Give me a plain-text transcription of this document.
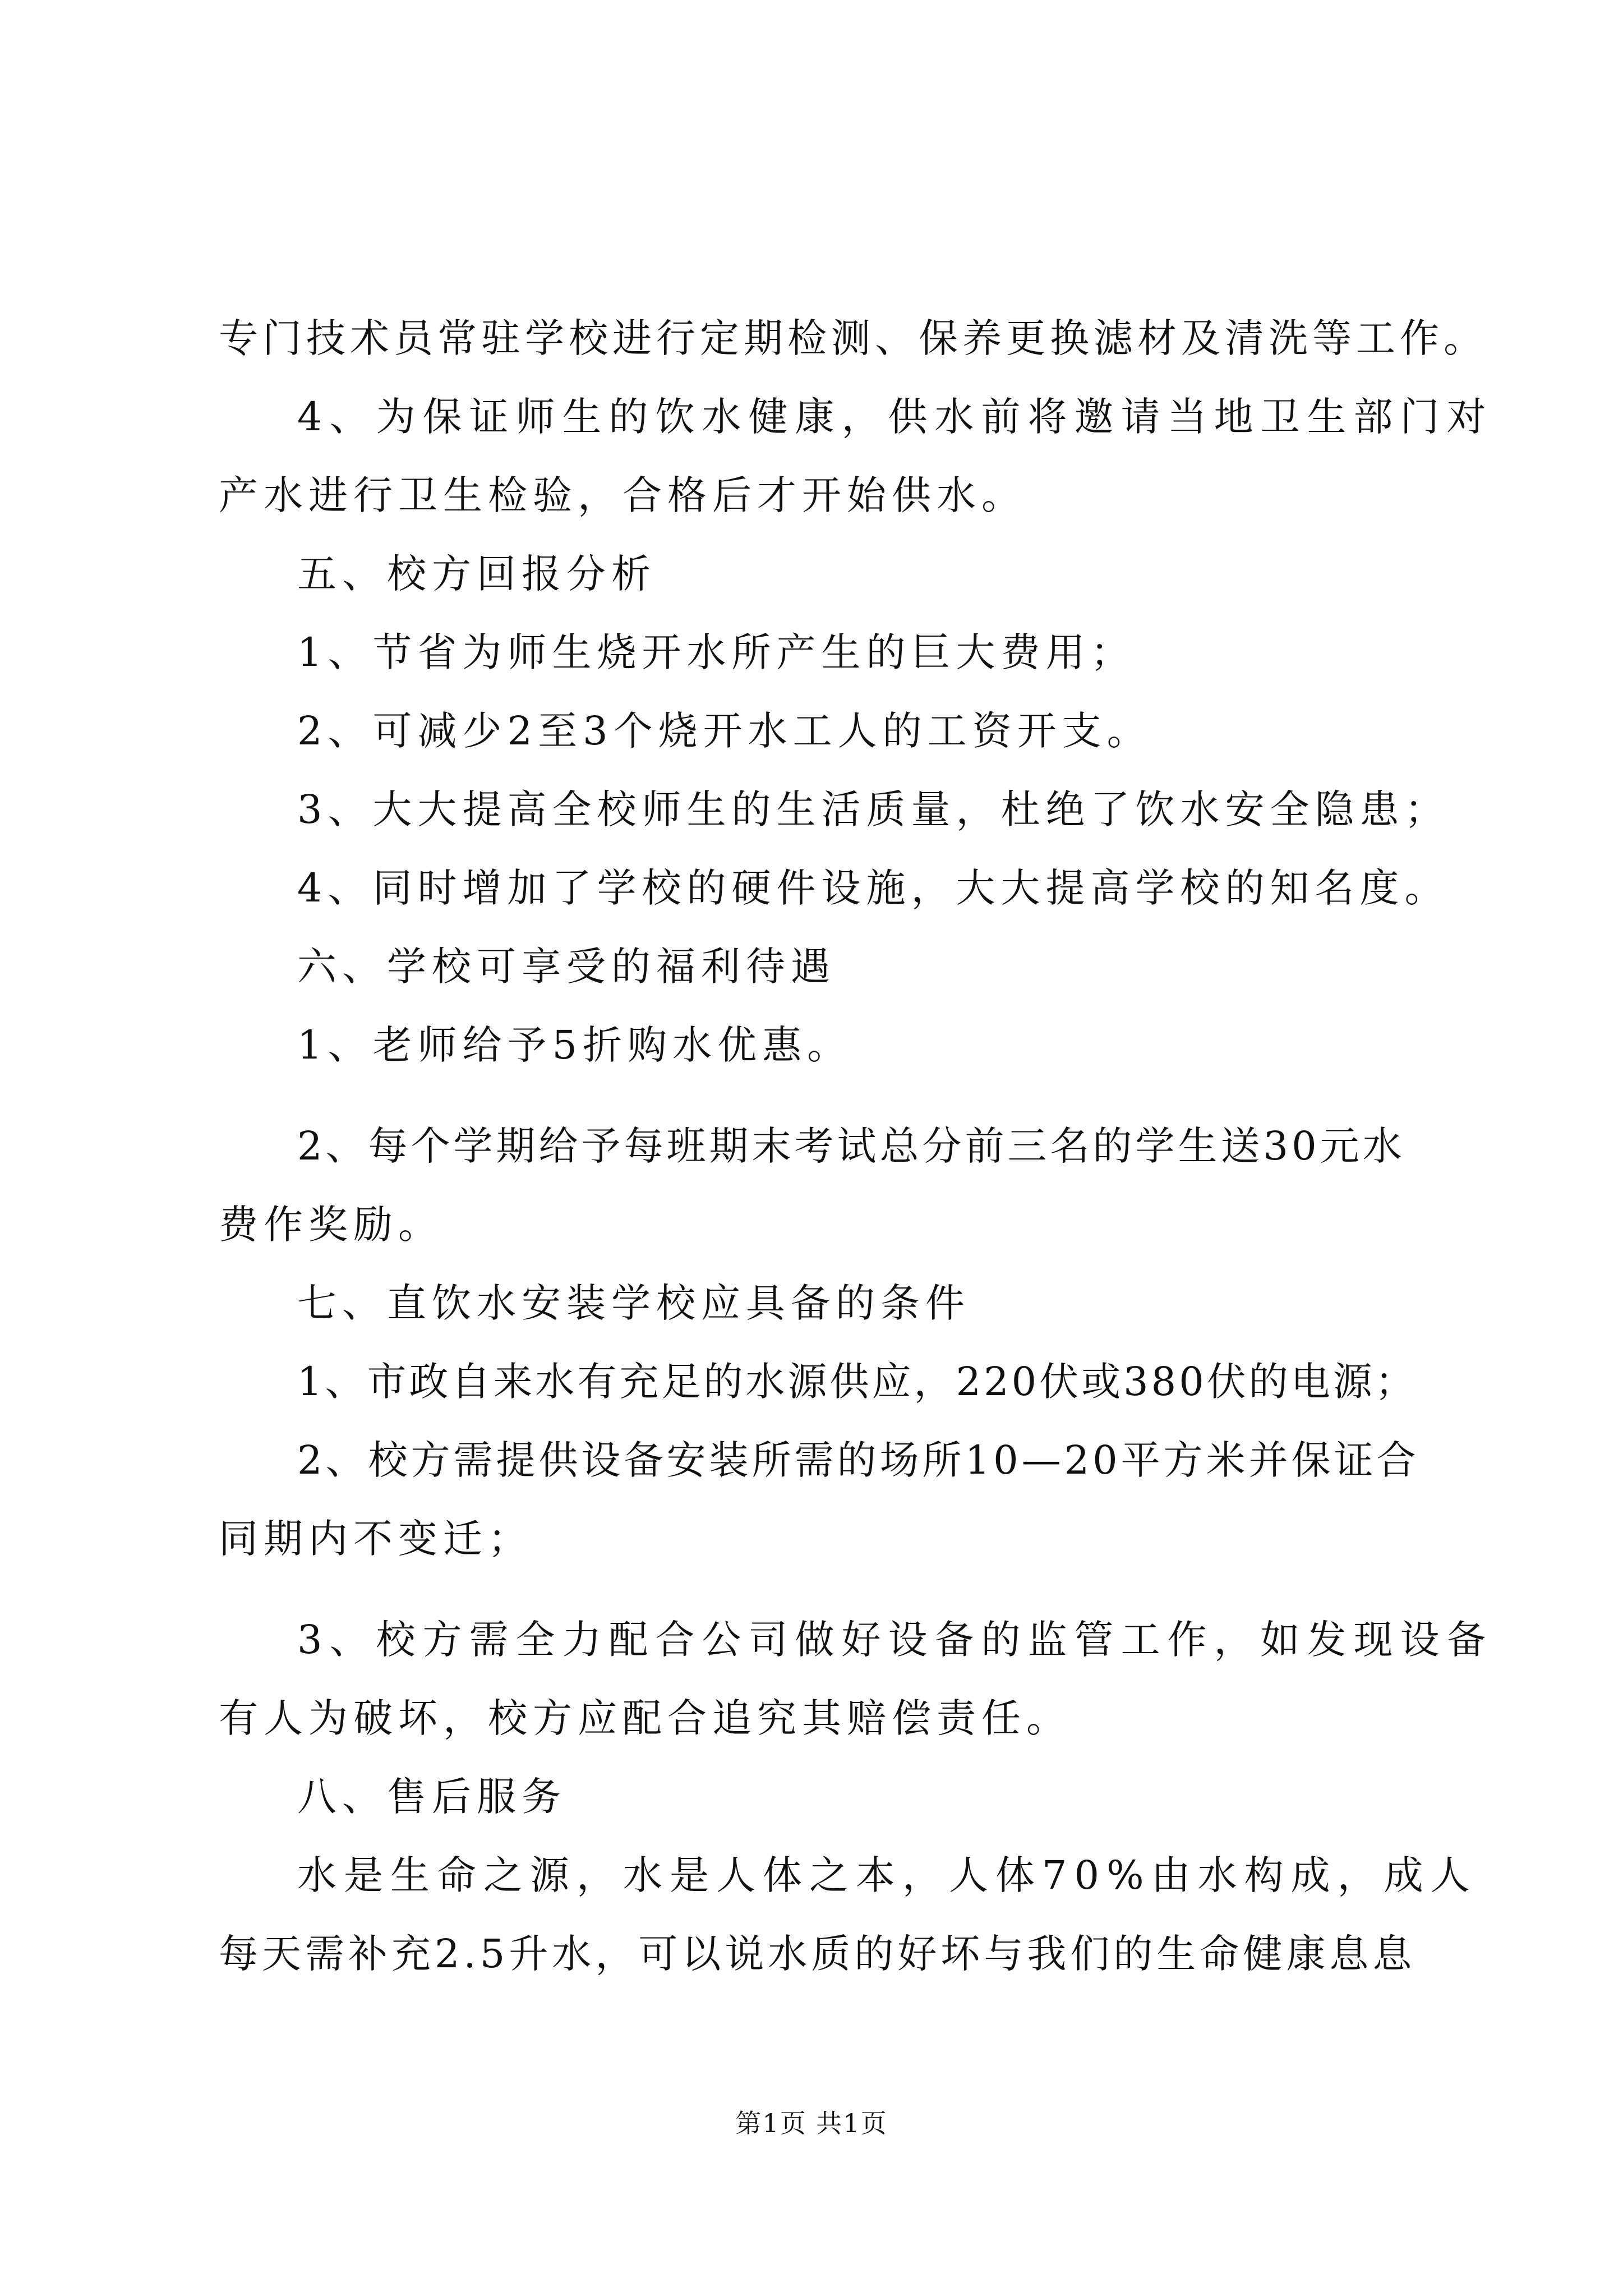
专门技术员常驻学校进行定期检测、保养更换滤材及清洗等工作。
4、为保证师生的饮水健康，供水前将邀请当地卫生部门对
产水进行卫生检验，合格后才开始供水。
五、校方回报分析
1、节省为师生烧开水所产生的巨大费用；
2、可减少2至3个烧开水工人的工资开支。
3、大大提高全校师生的生活质量，杜绝了饮水安全隐患；
4、同时增加了学校的硬件设施，大大提高学校的知名度。
六、学校可享受的福利待遇
1、老师给予5折购水优惠。
2、每个学期给予每班期末考试总分前三名的学生送30元水
费作奖励。
七、直饮水安装学校应具备的条件
1、市政自来水有充足的水源供应，220伏或380伏的电源；
2、校方需提供设备安装所需的场所10—20平方米并保证合
同期内不变迁；
3、校方需全力配合公司做好设备的监管工作，如发现设备
有人为破坏，校方应配合追究其赔偿责任。
八、售后服务
水是生命之源，水是人体之本，人体70%由水构成，成人
每天需补充2.5升水，可以说水质的好坏与我们的生命健康息息
第1页 共1页
